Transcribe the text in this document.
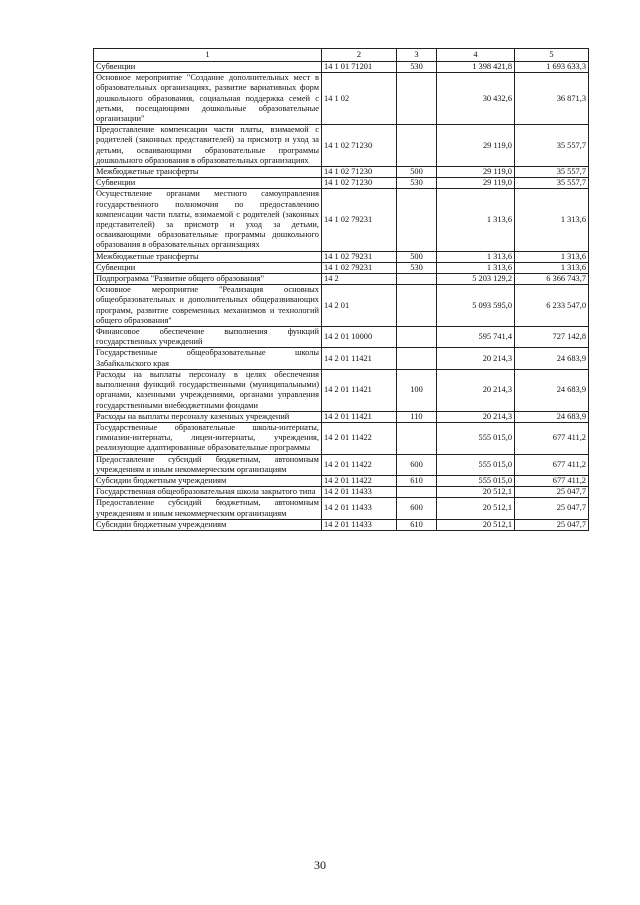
1	2	3	4	5
Субвенции	14 1 01 71201	530	1 398 421,8	1 693 633,3
Основное мероприятие "Создание дополнительных мест в образовательных организациях, развитие вариативных форм дошкольного образования, социальная поддержка семей с детьми, посещающими дошкольные образовательные организации"	14 1 02		30 432,6	36 871,3
Предоставление компенсации части платы, взимаемой с родителей (законных представителей) за присмотр и уход за детьми, осваивающими образовательные программы дошкольного образования в образовательных организациях	14 1 02 71230		29 119,0	35 557,7
Межбюджетные трансферты	14 1 02 71230	500	29 119,0	35 557,7
Субвенции	14 1 02 71230	530	29 119,0	35 557,7
Осуществление органами местного самоуправления государственного полномочия по предоставлению компенсации части платы, взимаемой с родителей (законных представителей) за присмотр и уход за детьми, осваивающими образовательные программы дошкольного образования в образовательных организациях	14 1 02 79231		1 313,6	1 313,6
Межбюджетные трансферты	14 1 02 79231	500	1 313,6	1 313,6
Субвенции	14 1 02 79231	530	1 313,6	1 313,6
Подпрограмма "Развитие общего образования"	14 2		5 203 129,2	6 366 743,7
Основное мероприятие "Реализация основных общеобразовательных и дополнительных общеразвивающих программ, развитие современных механизмов и технологий общего образования"	14 2 01		5 093 595,0	6 233 547,0
Финансовое обеспечение выполнения функций государственных учреждений	14 2 01 10000		595 741,4	727 142,8
Государственные общеобразовательные школы Забайкальского края	14 2 01 11421		20 214,3	24 683,9
Расходы на выплаты персоналу в целях обеспечения выполнения функций государственными (муниципальными) органами, казенными учреждениями, органами управления государственными внебюджетными фондами	14 2 01 11421	100	20 214,3	24 683,9
Расходы на выплаты персоналу казенных учреждений	14 2 01 11421	110	20 214,3	24 683,9
Государственные образовательные школы-интернаты, гимназии-интернаты, лицеи-интернаты, учреждения, реализующие адаптированные образовательные программы	14 2 01 11422		555 015,0	677 411,2
Предоставление субсидий бюджетным, автономным учреждениям и иным некоммерческим организациям	14 2 01 11422	600	555 015,0	677 411,2
Субсидии бюджетным учреждениям	14 2 01 11422	610	555 015,0	677 411,2
Государственная общеобразовательная школа закрытого типа	14 2 01 11433		20 512,1	25 047,7
Предоставление субсидий бюджетным, автономным учреждениям и иным некоммерческим организациям	14 2 01 11433	600	20 512,1	25 047,7
Субсидии бюджетным учреждениям	14 2 01 11433	610	20 512,1	25 047,7
30
